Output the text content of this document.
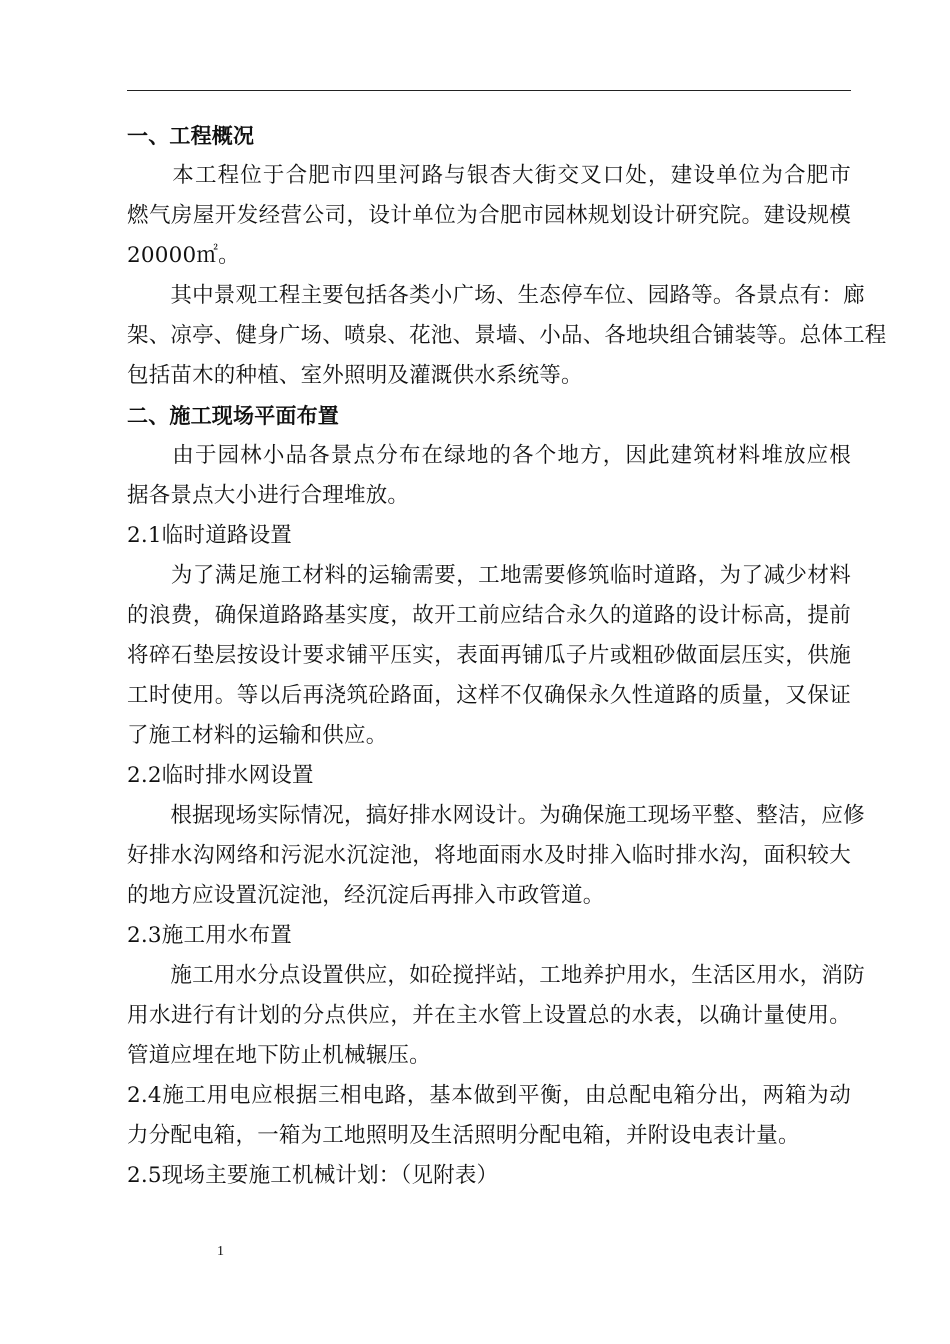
一、工程概况
　　本工程位于合肥市四里河路与银杏大街交叉口处，建设单位为合肥市
燃气房屋开发经营公司，设计单位为合肥市园林规划设计研究院。建设规模
20000㎡。
　　其中景观工程主要包括各类小广场、生态停车位、园路等。各景点有：廊
架、凉亭、健身广场、喷泉、花池、景墙、小品、各地块组合铺装等。总体工程
包括苗木的种植、室外照明及灌溉供水系统等。
二、施工现场平面布置
　　由于园林小品各景点分布在绿地的各个地方，因此建筑材料堆放应根
据各景点大小进行合理堆放。
2.1临时道路设置
　　为了满足施工材料的运输需要，工地需要修筑临时道路，为了减少材料
的浪费，确保道路路基实度，故开工前应结合永久的道路的设计标高，提前
将碎石垫层按设计要求铺平压实，表面再铺瓜子片或粗砂做面层压实，供施
工时使用。等以后再浇筑砼路面，这样不仅确保永久性道路的质量，又保证
了施工材料的运输和供应。
2.2临时排水网设置
　　根据现场实际情况，搞好排水网设计。为确保施工现场平整、整洁，应修
好排水沟网络和污泥水沉淀池，将地面雨水及时排入临时排水沟，面积较大
的地方应设置沉淀池，经沉淀后再排入市政管道。
2.3施工用水布置
　　施工用水分点设置供应，如砼搅拌站，工地养护用水，生活区用水，消防
用水进行有计划的分点供应，并在主水管上设置总的水表，以确计量使用。
管道应埋在地下防止机械辗压。
2.4施工用电应根据三相电路，基本做到平衡，由总配电箱分出，两箱为动
力分配电箱，一箱为工地照明及生活照明分配电箱，并附设电表计量。
2.5现场主要施工机械计划：（见附表）
1
